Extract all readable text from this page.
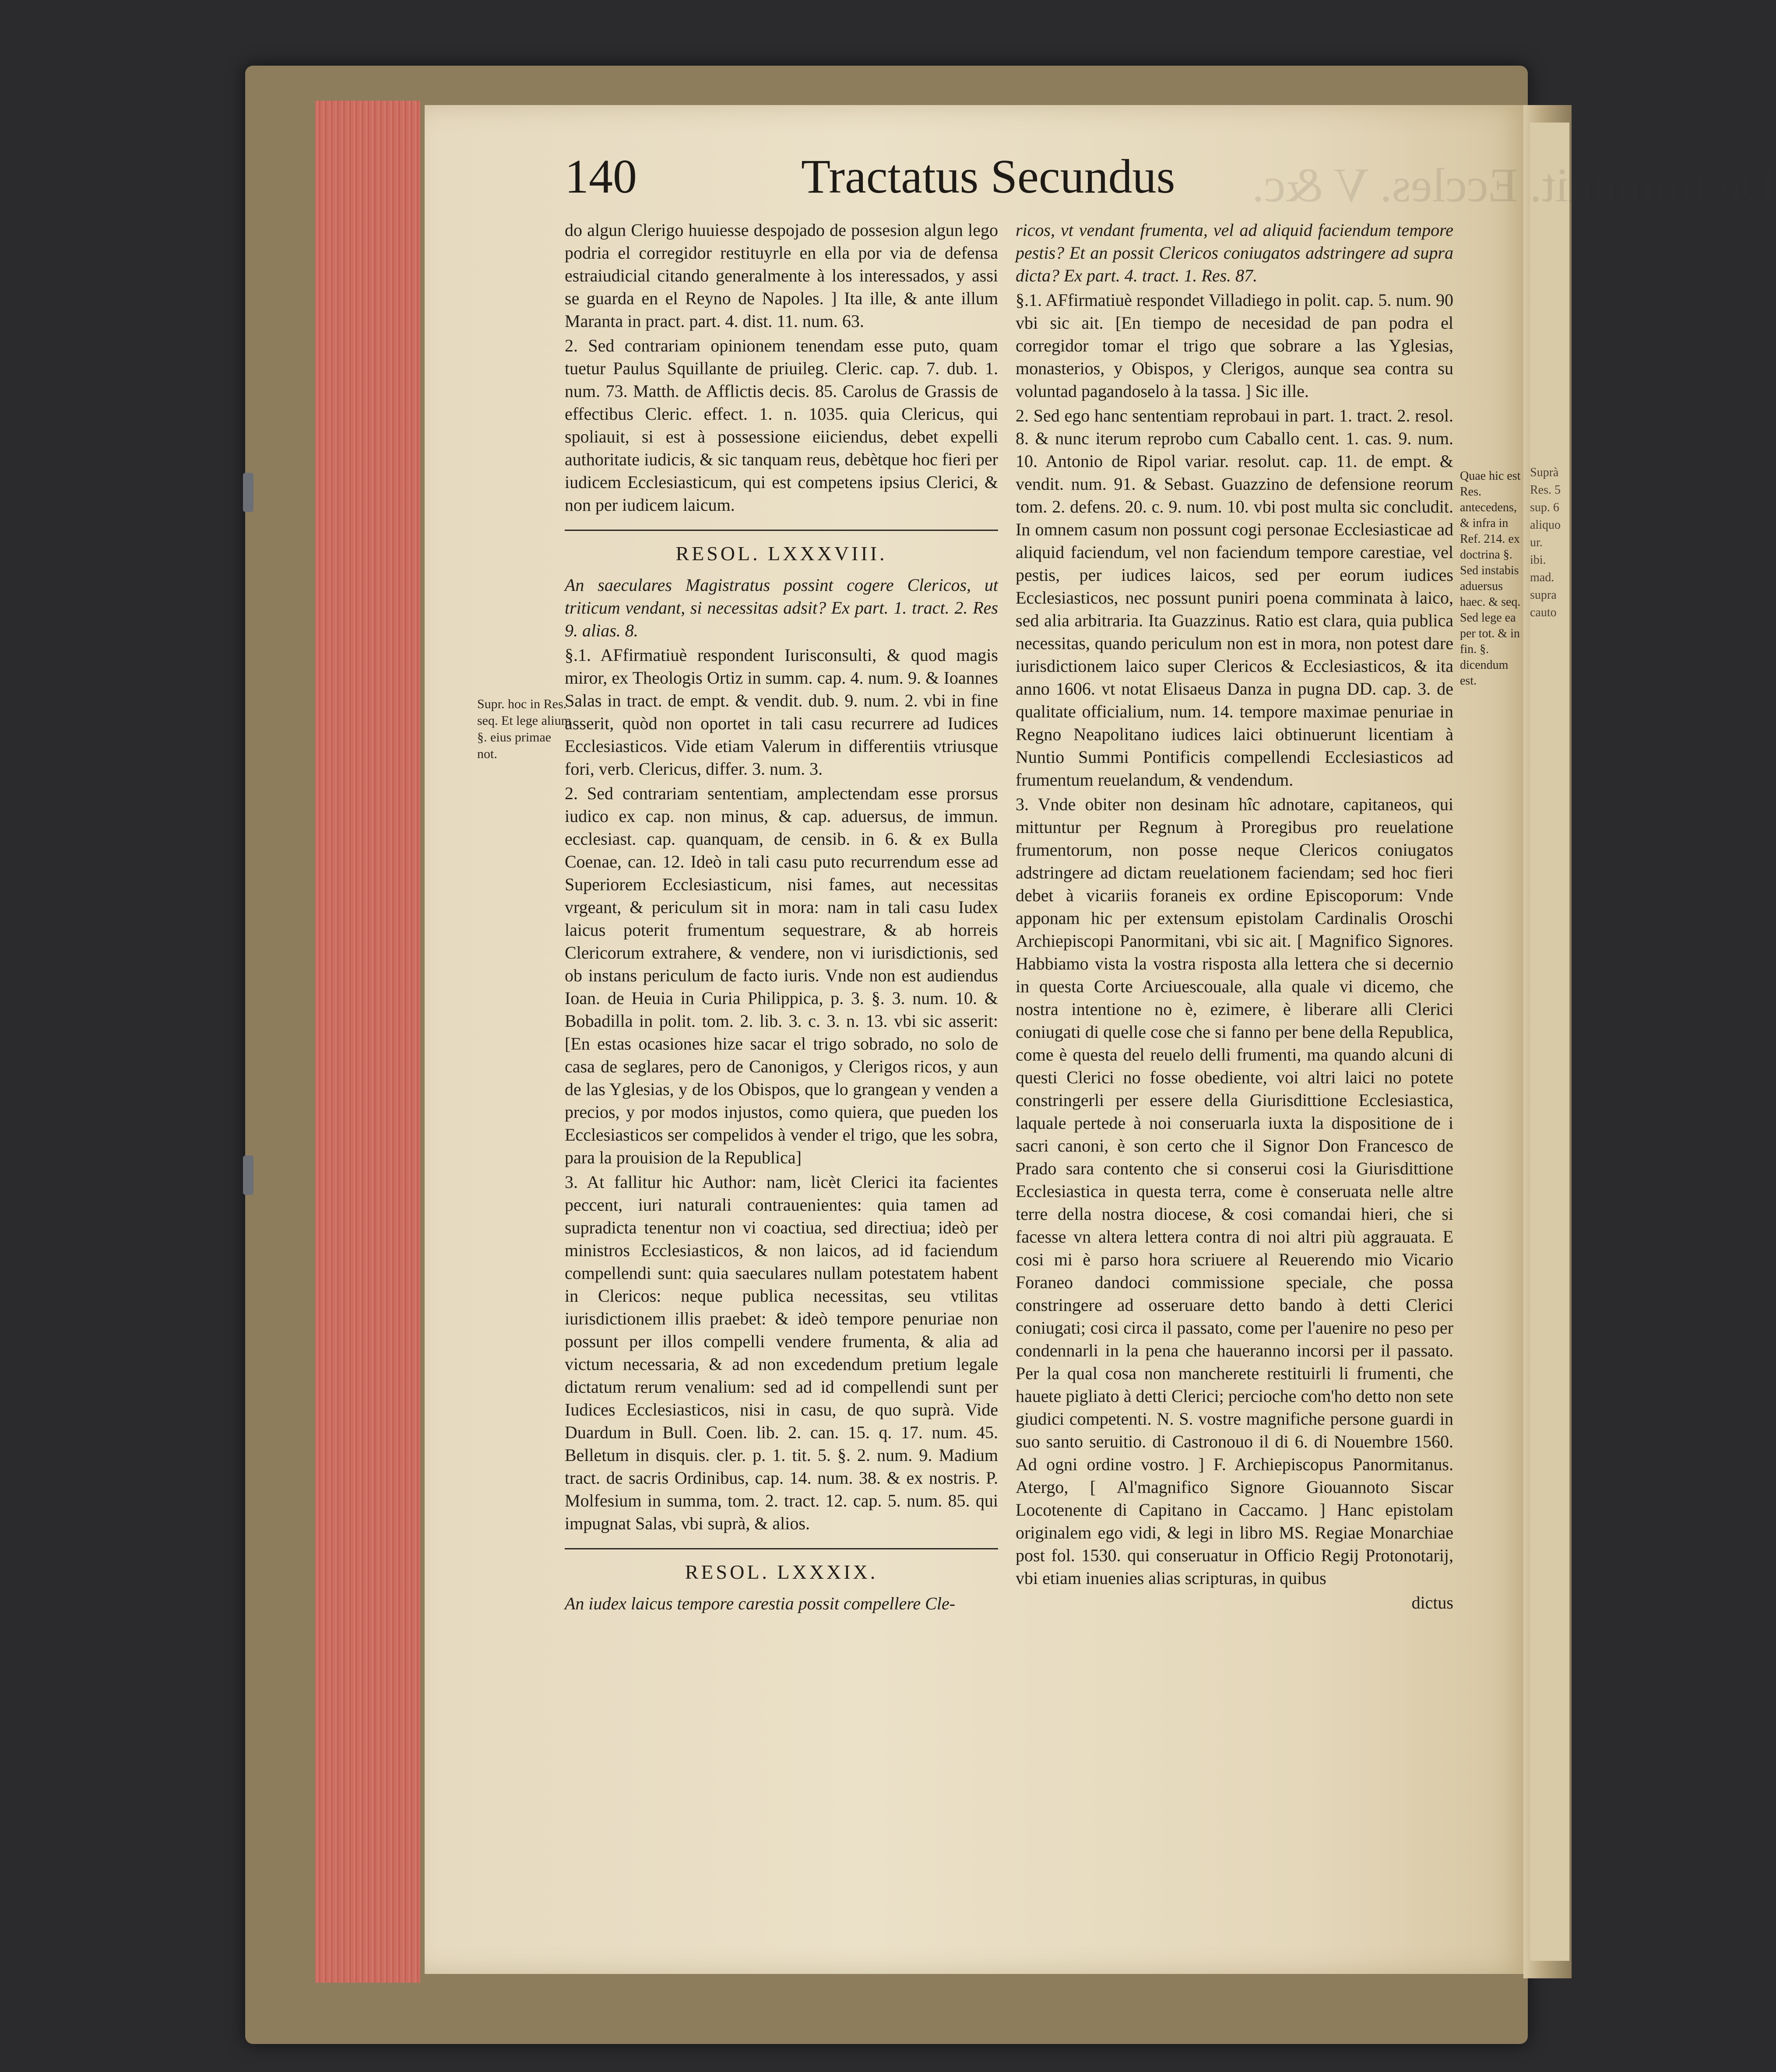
Suprà
Res. 5
sup. 6
aliquo
ur.
ibi.
mad.
supra
cauto
De Immunit. Eccles. V &c.
140	Tractatus Secundus
Supr. hoc in Res. seq. Et lege alium §. eius primae not.
Quae hic est Res. antecedens, & infra in Ref. 214. ex doctrina §. Sed instabis aduersus haec. & seq. Sed lege ea per tot. & in fin. §. dicendum est.

do algun Clerigo huuiesse despojado de possesion algun lego podria el corregidor restituyrle en ella por via de defensa estraiudicial citando generalmente à los interessados, y assi se guarda en el Reyno de Napoles. ] Ita ille, & ante illum Maranta in pract. part. 4. dist. 11. num. 63.

2. Sed contrariam opinionem tenendam esse puto, quam tuetur Paulus Squillante de priuileg. Cleric. cap. 7. dub. 1. num. 73. Matth. de Afflictis decis. 85. Carolus de Grassis de effectibus Cleric. effect. 1. n. 1035. quia Clericus, qui spoliauit, si est à possessione eiiciendus, debet expelli authoritate iudicis, & sic tanquam reus, debètque hoc fieri per iudicem Ecclesiasticum, qui est competens ipsius Clerici, & non per iudicem laicum.

RESOL. LXXXVIII.

An saeculares Magistratus possint cogere Clericos, ut triticum vendant, si necessitas adsit? Ex part. 1. tract. 2. Res 9. alias. 8.

§.1. AFfirmatiuè respondent Iurisconsulti, & quod magis miror, ex Theologis Ortiz in summ. cap. 4. num. 9. & Ioannes Salas in tract. de empt. & vendit. dub. 9. num. 2. vbi in fine asserit, quòd non oportet in tali casu recurrere ad Iudices Ecclesiasticos. Vide etiam Valerum in differentiis vtriusque fori, verb. Clericus, differ. 3. num. 3.

2. Sed contrariam sententiam, amplectendam esse prorsus iudico ex cap. non minus, & cap. aduersus, de immun. ecclesiast. cap. quanquam, de censib. in 6. & ex Bulla Coenae, can. 12. Ideò in tali casu puto recurrendum esse ad Superiorem Ecclesiasticum, nisi fames, aut necessitas vrgeant, & periculum sit in mora: nam in tali casu Iudex laicus poterit frumentum sequestrare, & ab horreis Clericorum extrahere, & vendere, non vi iurisdictionis, sed ob instans periculum de facto iuris. Vnde non est audiendus Ioan. de Heuia in Curia Philippica, p. 3. §. 3. num. 10. & Bobadilla in polit. tom. 2. lib. 3. c. 3. n. 13. vbi sic asserit: [En estas ocasiones hize sacar el trigo sobrado, no solo de casa de seglares, pero de Canonigos, y Clerigos ricos, y aun de las Yglesias, y de los Obispos, que lo grangean y venden a precios, y por modos injustos, como quiera, que pueden los Ecclesiasticos ser compelidos à vender el trigo, que les sobra, para la prouision de la Republica]

3. At fallitur hic Author: nam, licèt Clerici ita facientes peccent, iuri naturali contrauenientes: quia tamen ad supradicta tenentur non vi coactiua, sed directiua; ideò per ministros Ecclesiasticos, & non laicos, ad id faciendum compellendi sunt: quia saeculares nullam potestatem habent in Clericos: neque publica necessitas, seu vtilitas iurisdictionem illis praebet: & ideò tempore penuriae non possunt per illos compelli vendere frumenta, & alia ad victum necessaria, & ad non excedendum pretium legale dictatum rerum venalium: sed ad id compellendi sunt per Iudices Ecclesiasticos, nisi in casu, de quo suprà. Vide Duardum in Bull. Coen. lib. 2. can. 15. q. 17. num. 45. Belletum in disquis. cler. p. 1. tit. 5. §. 2. num. 9. Madium tract. de sacris Ordinibus, cap. 14. num. 38. & ex nostris. P. Molfesium in summa, tom. 2. tract. 12. cap. 5. num. 85. qui impugnat Salas, vbi suprà, & alios.

RESOL. LXXXIX.

An iudex laicus tempore carestia possit compellere Cle-

ricos, vt vendant frumenta, vel ad aliquid faciendum tempore pestis? Et an possit Clericos coniugatos adstringere ad supra dicta? Ex part. 4. tract. 1. Res. 87.

§.1. AFfirmatiuè respondet Villadiego in polit. cap. 5. num. 90 vbi sic ait. [En tiempo de necesidad de pan podra el corregidor tomar el trigo que sobrare a las Yglesias, monasterios, y Obispos, y Clerigos, aunque sea contra su voluntad pagandoselo à la tassa. ] Sic ille.

2. Sed ego hanc sententiam reprobaui in part. 1. tract. 2. resol. 8. & nunc iterum reprobo cum Caballo cent. 1. cas. 9. num. 10. Antonio de Ripol variar. resolut. cap. 11. de empt. & vendit. num. 91. & Sebast. Guazzino de defensione reorum tom. 2. defens. 20. c. 9. num. 10. vbi post multa sic concludit. In omnem casum non possunt cogi personae Ecclesiasticae ad aliquid faciendum, vel non faciendum tempore carestiae, vel pestis, per iudices laicos, sed per eorum iudices Ecclesiasticos, nec possunt puniri poena comminata à laico, sed alia arbitraria. Ita Guazzinus. Ratio est clara, quia publica necessitas, quando periculum non est in mora, non potest dare iurisdictionem laico super Clericos & Ecclesiasticos, & ita anno 1606. vt notat Elisaeus Danza in pugna DD. cap. 3. de qualitate officialium, num. 14. tempore maximae penuriae in Regno Neapolitano iudices laici obtinuerunt licentiam à Nuntio Summi Pontificis compellendi Ecclesiasticos ad frumentum reuelandum, & vendendum.

3. Vnde obiter non desinam hîc adnotare, capitaneos, qui mittuntur per Regnum à Proregibus pro reuelatione frumentorum, non posse neque Clericos coniugatos adstringere ad dictam reuelationem faciendam; sed hoc fieri debet à vicariis foraneis ex ordine Episcoporum: Vnde apponam hic per extensum epistolam Cardinalis Oroschi Archiepiscopi Panormitani, vbi sic ait. [ Magnifico Signores. Habbiamo vista la vostra risposta alla lettera che si decernio in questa Corte Arciuescouale, alla quale vi dicemo, che nostra intentione no è, ezimere, è liberare alli Clerici coniugati di quelle cose che si fanno per bene della Republica, come è questa del reuelo delli frumenti, ma quando alcuni di questi Clerici no fosse obediente, voi altri laici no potete constringerli per essere della Giurisdittione Ecclesiastica, laquale pertede à noi conseruarla iuxta la dispositione de i sacri canoni, è son certo che il Signor Don Francesco de Prado sara contento che si conserui cosi la Giurisdittione Ecclesiastica in questa terra, come è conseruata nelle altre terre della nostra diocese, & cosi comandai hieri, che si facesse vn altera lettera contra di noi altri più aggrauata. E cosi mi è parso hora scriuere al Reuerendo mio Vicario Foraneo dandoci commissione speciale, che possa constringere ad osseruare detto bando à detti Clerici coniugati; cosi circa il passato, come per l'auenire no peso per condennarli in la pena che haueranno incorsi per il passato. Per la qual cosa non mancherete restituirli li frumenti, che hauete pigliato à detti Clerici; percioche com'ho detto non sete giudici competenti. N. S. vostre magnifiche persone guardi in suo santo seruitio. di Castronouo il di 6. di Nouembre 1560. Ad ogni ordine vostro. ] F. Archiepiscopus Panormitanus. Atergo, [ Al'magnifico Signore Giouannoto Siscar Locotenente di Capitano in Caccamo. ] Hanc epistolam originalem ego vidi, & legi in libro MS. Regiae Monarchiae post fol. 1530. qui conseruatur in Officio Regij Protonotarij, vbi etiam inuenies alias scripturas, in quibus

dictus
